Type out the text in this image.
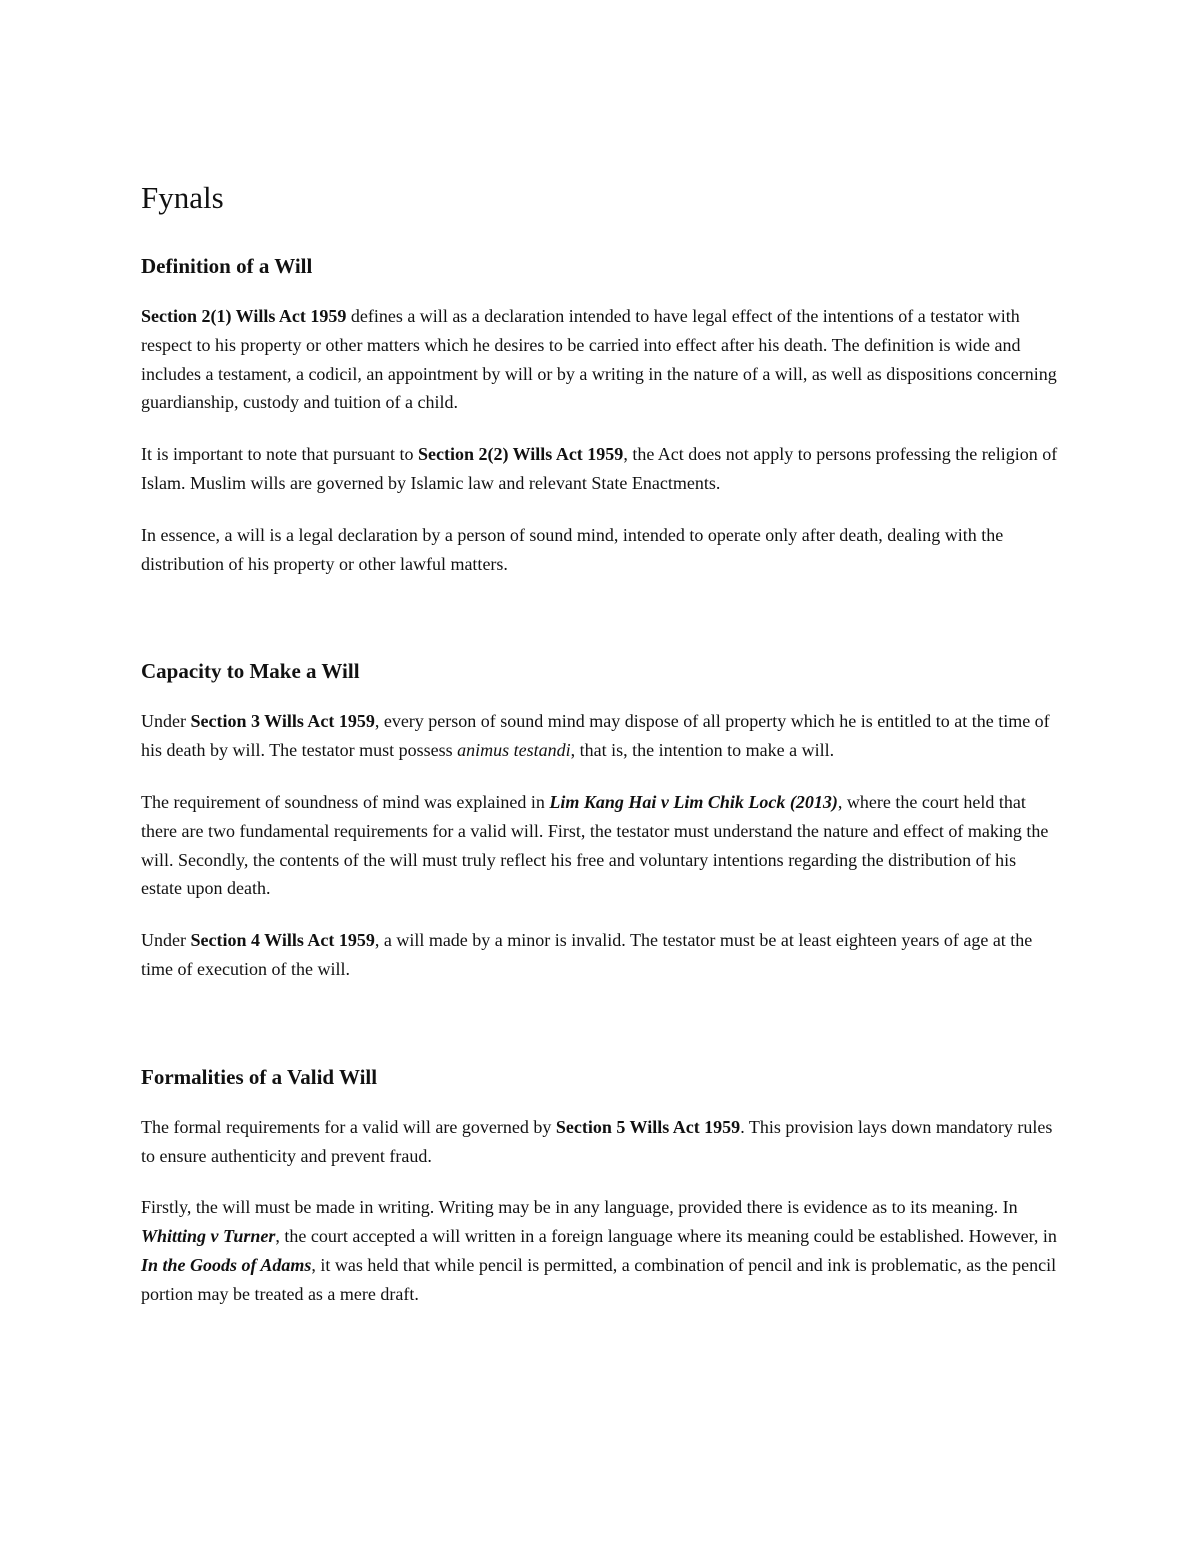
Fynals
Definition of a Will

Section 2(1) Wills Act 1959 defines a will as a declaration intended to have legal effect of the intentions of a testator with respect to his property or other matters which he desires to be carried into effect after his death. The definition is wide and includes a testament, a codicil, an appointment by will or by a writing in the nature of a will, as well as dispositions concerning guardianship, custody and tuition of a child.

It is important to note that pursuant to Section 2(2) Wills Act 1959, the Act does not apply to persons professing the religion of Islam. Muslim wills are governed by Islamic law and relevant State Enactments.

In essence, a will is a legal declaration by a person of sound mind, intended to operate only after death, dealing with the distribution of his property or other lawful matters.

Capacity to Make a Will

Under Section 3 Wills Act 1959, every person of sound mind may dispose of all property which he is entitled to at the time of his death by will. The testator must possess animus testandi, that is, the intention to make a will.

The requirement of soundness of mind was explained in Lim Kang Hai v Lim Chik Lock (2013), where the court held that there are two fundamental requirements for a valid will. First, the testator must understand the nature and effect of making the will. Secondly, the contents of the will must truly reflect his free and voluntary intentions regarding the distribution of his estate upon death.

Under Section 4 Wills Act 1959, a will made by a minor is invalid. The testator must be at least eighteen years of age at the time of execution of the will.

Formalities of a Valid Will

The formal requirements for a valid will are governed by Section 5 Wills Act 1959. This provision lays down mandatory rules to ensure authenticity and prevent fraud.

Firstly, the will must be made in writing. Writing may be in any language, provided there is evidence as to its meaning. In Whitting v Turner, the court accepted a will written in a foreign language where its meaning could be established. However, in In the Goods of Adams, it was held that while pencil is permitted, a combination of pencil and ink is problematic, as the pencil portion may be treated as a mere draft.
